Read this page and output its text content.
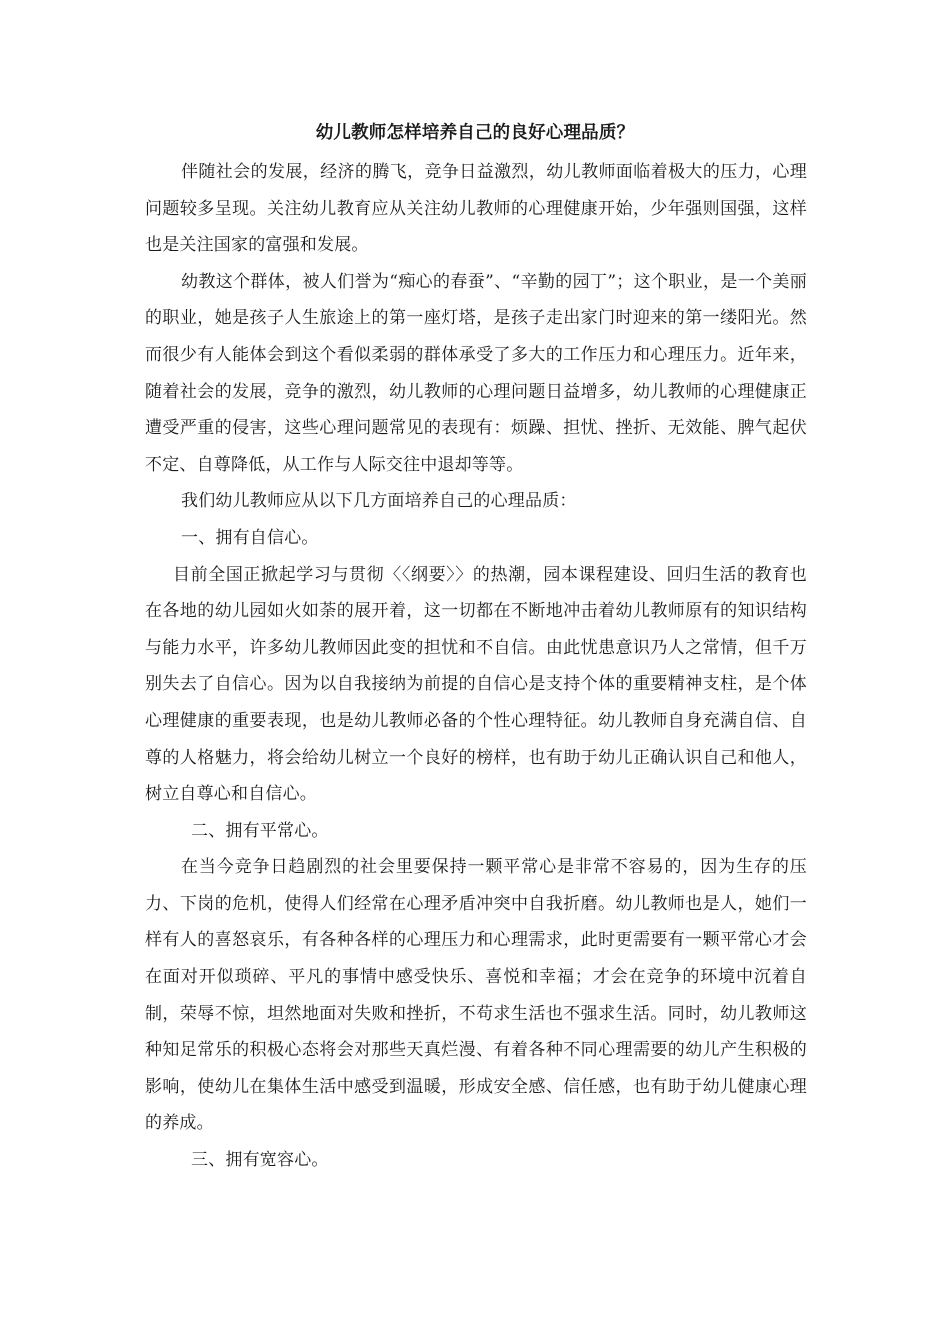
幼儿教师怎样培养自己的良好心理品质？

伴随社会的发展，经济的腾飞，竞争日益激烈，幼儿教师面临着极大的压力，心理问题较多呈现。关注幼儿教育应从关注幼儿教师的心理健康开始，少年强则国强，这样也是关注国家的富强和发展。

幼教这个群体，被人们誉为“痴心的春蚕”、“辛勤的园丁”；这个职业，是一个美丽的职业，她是孩子人生旅途上的第一座灯塔，是孩子走出家门时迎来的第一缕阳光。然而很少有人能体会到这个看似柔弱的群体承受了多大的工作压力和心理压力。近年来，随着社会的发展，竞争的激烈，幼儿教师的心理问题日益增多，幼儿教师的心理健康正遭受严重的侵害，这些心理问题常见的表现有：烦躁、担忧、挫折、无效能、脾气起伏不定、自尊降低，从工作与人际交往中退却等等。

我们幼儿教师应从以下几方面培养自己的心理品质：

一、拥有自信心。

目前全国正掀起学习与贯彻〈〈纲要〉〉的热潮，园本课程建设、回归生活的教育也在各地的幼儿园如火如荼的展开着，这一切都在不断地冲击着幼儿教师原有的知识结构与能力水平，许多幼儿教师因此变的担忧和不自信。由此忧患意识乃人之常情，但千万别失去了自信心。因为以自我接纳为前提的自信心是支持个体的重要精神支柱，是个体心理健康的重要表现，也是幼儿教师必备的个性心理特征。幼儿教师自身充满自信、自尊的人格魅力，将会给幼儿树立一个良好的榜样，也有助于幼儿正确认识自己和他人，树立自尊心和自信心。

二、拥有平常心。

在当今竞争日趋剧烈的社会里要保持一颗平常心是非常不容易的，因为生存的压力、下岗的危机，使得人们经常在心理矛盾冲突中自我折磨。幼儿教师也是人，她们一样有人的喜怒哀乐，有各种各样的心理压力和心理需求，此时更需要有一颗平常心才会在面对开似琐碎、平凡的事情中感受快乐、喜悦和幸福；才会在竞争的环境中沉着自制，荣辱不惊，坦然地面对失败和挫折，不苟求生活也不强求生活。同时，幼儿教师这种知足常乐的积极心态将会对那些天真烂漫、有着各种不同心理需要的幼儿产生积极的影响，使幼儿在集体生活中感受到温暖，形成安全感、信任感，也有助于幼儿健康心理的养成。

三、拥有宽容心。
